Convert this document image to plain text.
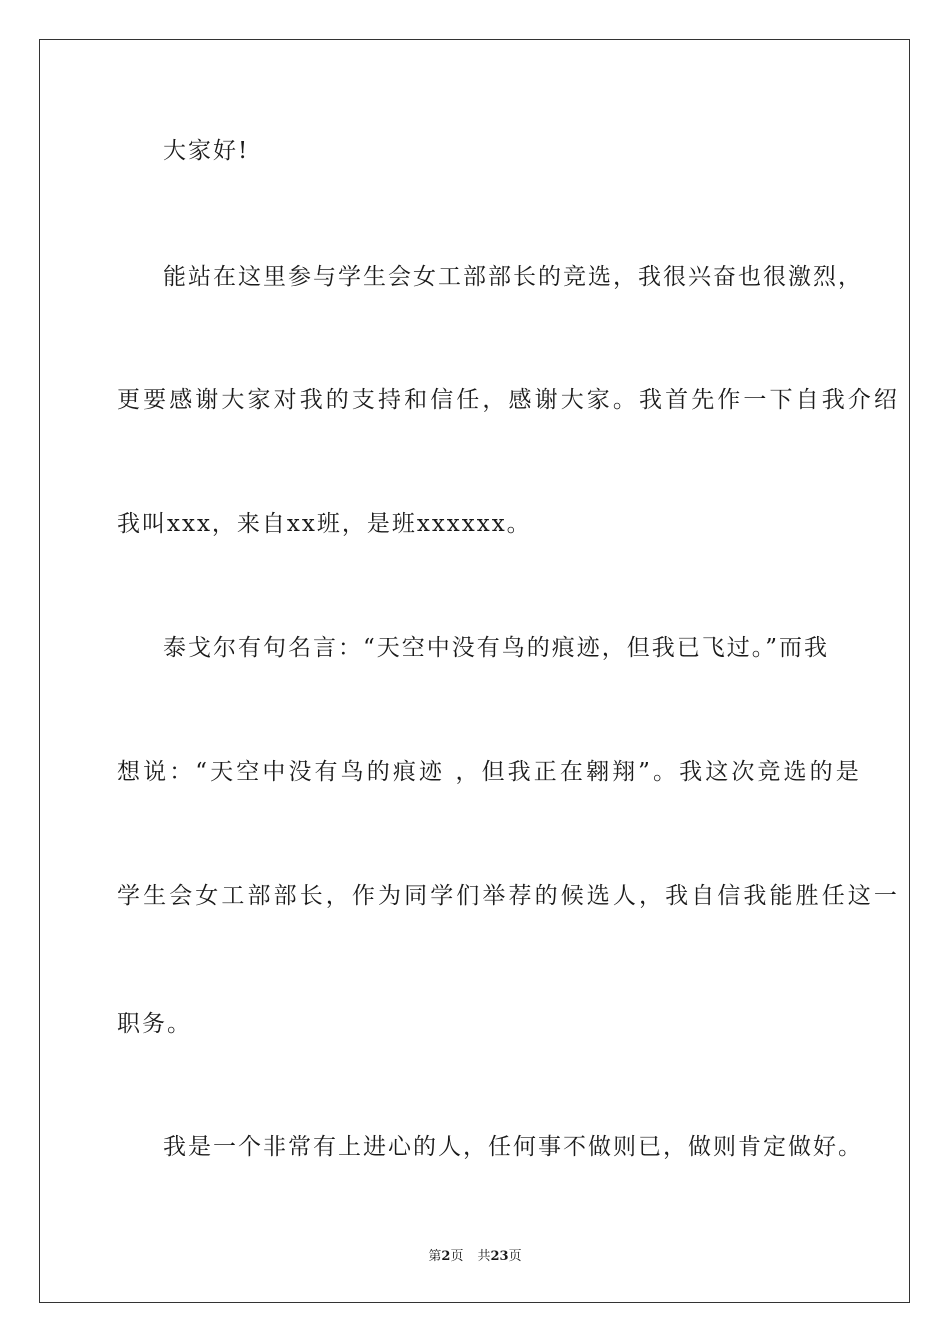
大家好!
能站在这里参与学生会女工部部长的竞选，我很兴奋也很激烈，
更要感谢大家对我的支持和信任，感谢大家。我首先作一下自我介绍
我叫xxx，来自xx班，是班xxxxxx。
泰戈尔有句名言：“天空中没有鸟的痕迹，但我已飞过。”而我
想说：“天空中没有鸟的痕迹 ，但我正在翱翔”。我这次竞选的是
学生会女工部部长，作为同学们举荐的候选人，我自信我能胜任这一
职务。
我是一个非常有上进心的人，任何事不做则已，做则肯定做好。
第2页 共23页
